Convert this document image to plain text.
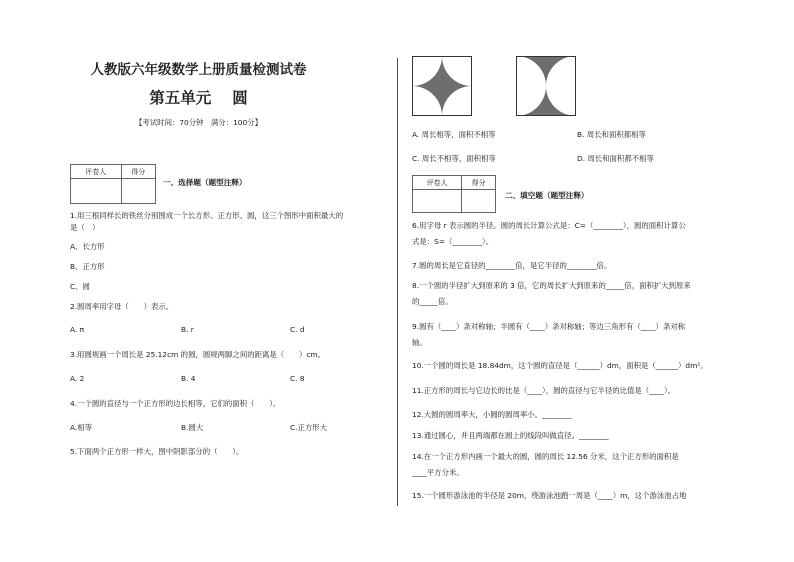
人教版六年级数学上册质量检测试卷
第五单元　 圆
【考试时间：70分钟　满分：100分】
评卷人	得分

一、选择题（题型注释）
1.用三根同样长的铁丝分别围成一个长方形、正方形、圆，这三个图形中面积最大的
是（　）
A、长方形
B、正方形
C、圆
2.圆周率用字母（　　）表示。
A. π	B. r	C. d
3.用圆规画一个周长是 25.12cm 的圆，圆规两脚之间的距离是（　　）cm。
A. 2	B. 4	C. 8
4.一个圆的直径与一个正方形的边长相等，它们的面积（　　）。
A.相等	B.圆大	C.正方形大
5.下面两个正方形一样大，图中阴影部分的（　　）。
A. 周长相等，面积不相等	B. 周长和面积都相等
C. 周长不相等，面积相等	D. 周长和面积都不相等
评卷人	得分

二、填空题（题型注释）
6.用字母 r 表示圆的半径。圆的周长计算公式是：C=（________），圆的面积计算公
式是：S=（________）。
7.圆的周长是它直径的________倍，是它半径的________倍。
8.一个圆的半径扩大到原来的 3 倍，它的周长扩大到原来的_____倍，面积扩大到原来
的_____倍。
9.圆有（____）条对称轴；半圆有（____）条对称轴；等边三角形有（____）条对称
轴。
10.一个圆的周长是 18.84dm，这个圆的直径是（______）dm，面积是（______）dm²。
11.正方形的周长与它边长的比是（____），圆的直径与它半径的比值是（____）。
12.大圆的圆周率大，小圆的圆周率小。________
13.通过圆心，并且两端都在圆上的线段叫做直径。________
14.在一个正方形内画一个最大的圆，圆的周长 12.56 分米，这个正方形的面积是
____平方分米。
15.一个圆形游泳池的半径是 20m，绕游泳池跑一周是（____）m，这个游泳池占地
